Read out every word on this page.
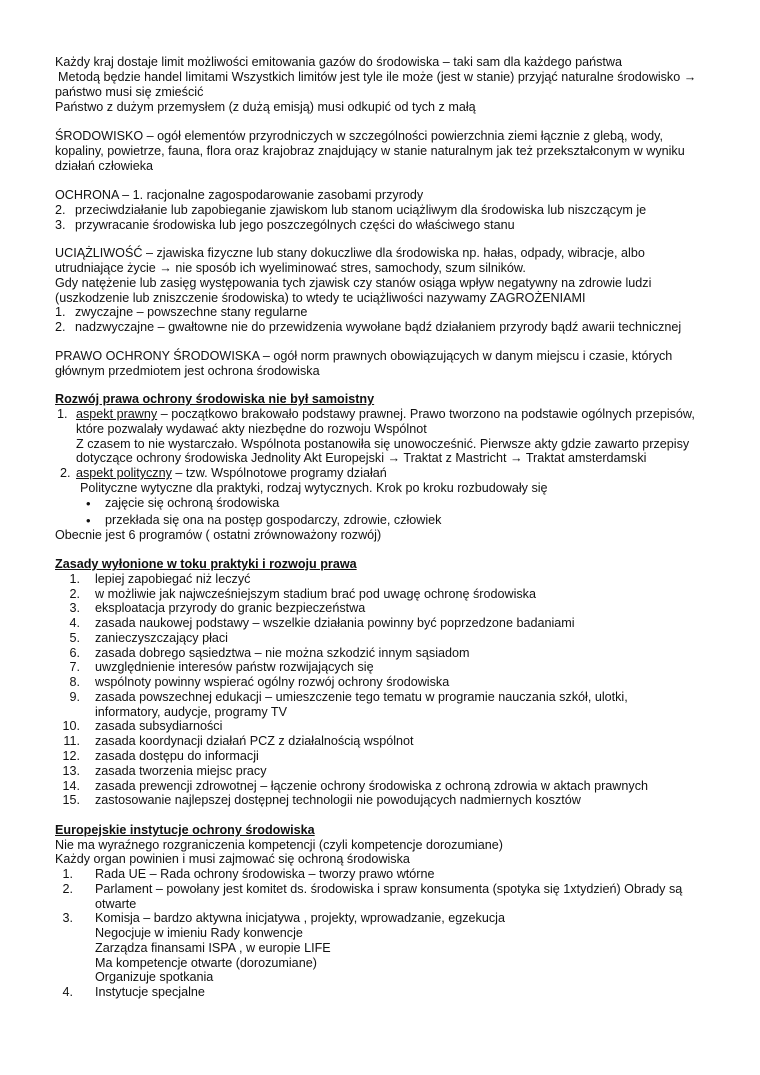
Każdy kraj dostaje limit możliwości emitowania gazów do środowiska – taki sam dla każdego państwa
Metodą będzie handel limitami Wszystkich limitów jest tyle ile może (jest w stanie) przyjąć naturalne środowisko →
państwo musi się zmieścić
Państwo z dużym przemysłem (z dużą emisją) musi odkupić od tych z małą
ŚRODOWISKO – ogół elementów przyrodniczych w szczególności powierzchnia ziemi łącznie z glebą, wody,
kopaliny, powietrze, fauna, flora oraz krajobraz znajdujący w stanie naturalnym jak też przekształconym w wyniku
działań człowieka
OCHRONA – 1. racjonalne zagospodarowanie zasobami przyrody
2. przeciwdziałanie lub zapobieganie zjawiskom lub stanom uciążliwym dla środowiska lub niszczącym je
3. przywracanie środowiska lub jego poszczególnych części do właściwego stanu
UCIĄŻLIWOŚĆ – zjawiska fizyczne lub stany dokuczliwe dla środowiska np. hałas, odpady, wibracje, albo
utrudniające życie → nie sposób ich wyeliminować stres, samochody, szum silników.
Gdy natężenie lub zasięg występowania tych zjawisk czy stanów osiąga wpływ negatywny na zdrowie ludzi
(uszkodzenie lub zniszczenie środowiska) to wtedy te uciążliwości nazywamy ZAGROŻENIAMI
1. zwyczajne – powszechne stany regularne
2. nadzwyczajne – gwałtowne nie do przewidzenia wywołane bądź działaniem przyrody bądź awarii technicznej
PRAWO OCHRONY ŚRODOWISKA – ogół norm prawnych obowiązujących w danym miejscu i czasie, których
głównym przedmiotem jest ochrona środowiska
Rozwój prawa ochrony środowiska nie był samoistny
1. aspekt prawny – początkowo brakowało podstawy prawnej. Prawo tworzono na podstawie ogólnych przepisów,
które pozwalały wydawać akty niezbędne do rozwoju Wspólnot
Z czasem to nie wystarczało. Wspólnota postanowiła się unowocześnić. Pierwsze akty gdzie zawarto przepisy
dotyczące ochrony środowiska Jednolity Akt Europejski → Traktat z Mastricht → Traktat amsterdamski
2. aspekt polityczny – tzw. Wspólnotowe programy działań
Polityczne wytyczne dla praktyki, rodzaj wytycznych. Krok po kroku rozbudowały się
• zajęcie się ochroną środowiska
• przekłada się ona na postęp gospodarczy, zdrowie, człowiek
Obecnie jest 6 programów ( ostatni zrównoważony rozwój)
Zasady wyłonione w toku praktyki i rozwoju prawa
1. lepiej zapobiegać niż leczyć
2. w możliwie jak najwcześniejszym stadium brać pod uwagę ochronę środowiska
3. eksploatacja przyrody do granic bezpieczeństwa
4. zasada naukowej podstawy – wszelkie działania powinny być poprzedzone badaniami
5. zanieczyszczający płaci
6. zasada dobrego sąsiedztwa – nie można szkodzić innym sąsiadom
7. uwzględnienie interesów państw rozwijających się
8. wspólnoty powinny wspierać ogólny rozwój ochrony środowiska
9. zasada powszechnej edukacji – umieszczenie tego tematu w programie nauczania szkół, ulotki,
informatory, audycje, programy TV
10. zasada subsydiarności
11. zasada koordynacji działań PCZ z działalnością wspólnot
12. zasada dostępu do informacji
13. zasada tworzenia miejsc pracy
14. zasada prewencji zdrowotnej – łączenie ochrony środowiska z ochroną zdrowia w aktach prawnych
15. zastosowanie najlepszej dostępnej technologii nie powodujących nadmiernych kosztów
Europejskie instytucje ochrony środowiska
Nie ma wyraźnego rozgraniczenia kompetencji (czyli kompetencje dorozumiane)
Każdy organ powinien i musi zajmować się ochroną środowiska
1. Rada UE – Rada ochrony środowiska – tworzy prawo wtórne
2. Parlament – powołany jest komitet ds. środowiska i spraw konsumenta (spotyka się 1xtydzień) Obrady są
otwarte
3. Komisja – bardzo aktywna inicjatywa , projekty, wprowadzanie, egzekucja
Negocjuje w imieniu Rady konwencje
Zarządza finansami ISPA , w europie LIFE
Ma kompetencje otwarte (dorozumiane)
Organizuje spotkania
4. Instytucje specjalne
